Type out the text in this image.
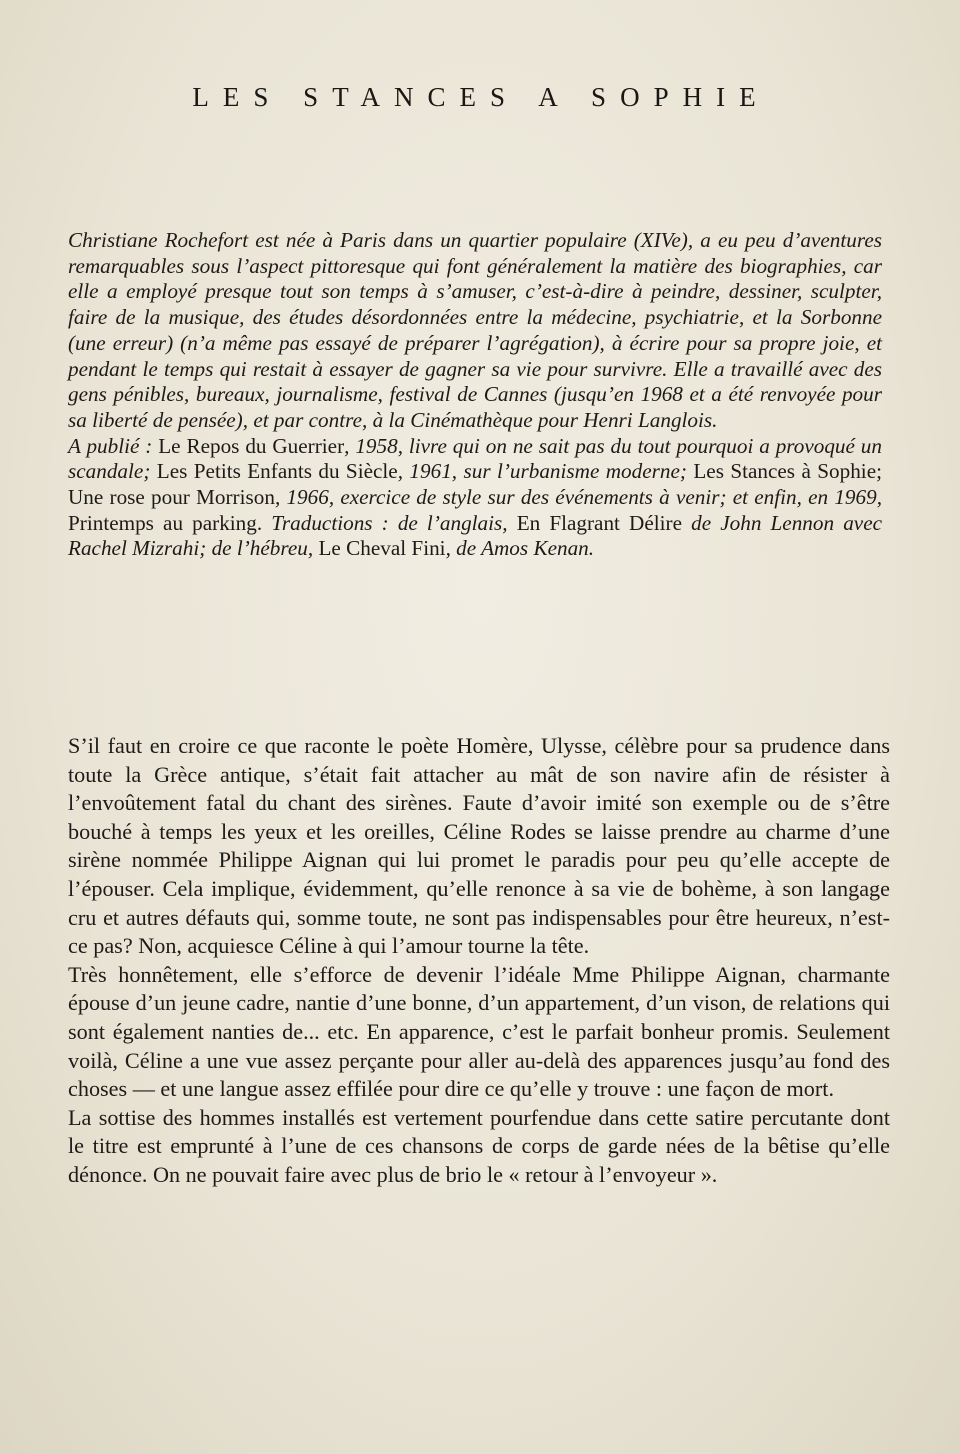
LES STANCES A SOPHIE

Christiane Rochefort est née à Paris dans un quartier populaire (XIVe), a eu peu d’aventures remarquables sous l’aspect pittoresque qui font généralement la matière des biographies, car elle a employé presque tout son temps à s’amuser, c’est-à-dire à peindre, dessiner, sculpter, faire de la musique, des études désordonnées entre la médecine, psychiatrie, et la Sorbonne (une erreur) (n’a même pas essayé de préparer l’agrégation), à écrire pour sa propre joie, et pendant le temps qui restait à essayer de gagner sa vie pour survivre. Elle a travaillé avec des gens pénibles, bureaux, journalisme, festival de Cannes (jusqu’en 1968 et a été renvoyée pour sa liberté de pensée), et par contre, à la Cinémathèque pour Henri Langlois.

A publié : Le Repos du Guerrier, 1958, livre qui on ne sait pas du tout pourquoi a provoqué un scandale; Les Petits Enfants du Siècle, 1961, sur l’urbanisme moderne; Les Stances à Sophie; Une rose pour Morrison, 1966, exercice de style sur des événements à venir; et enfin, en 1969, Printemps au parking. Traductions : de l’anglais, En Flagrant Délire de John Lennon avec Rachel Mizrahi; de l’hébreu, Le Cheval Fini, de Amos Kenan.

S’il faut en croire ce que raconte le poète Homère, Ulysse, célèbre pour sa prudence dans toute la Grèce antique, s’était fait attacher au mât de son navire afin de résister à l’envoûtement fatal du chant des sirènes. Faute d’avoir imité son exemple ou de s’être bouché à temps les yeux et les oreilles, Céline Rodes se laisse prendre au charme d’une sirène nommée Philippe Aignan qui lui promet le paradis pour peu qu’elle accepte de l’épouser. Cela implique, évidemment, qu’elle renonce à sa vie de bohème, à son langage cru et autres défauts qui, somme toute, ne sont pas indispensables pour être heureux, n’est-ce pas? Non, acquiesce Céline à qui l’amour tourne la tête.

Très honnêtement, elle s’efforce de devenir l’idéale Mme Philippe Aignan, charmante épouse d’un jeune cadre, nantie d’une bonne, d’un appartement, d’un vison, de relations qui sont également nanties de... etc. En apparence, c’est le parfait bonheur promis. Seulement voilà, Céline a une vue assez perçante pour aller au-delà des apparences jusqu’au fond des choses — et une langue assez effilée pour dire ce qu’elle y trouve : une façon de mort.

La sottise des hommes installés est vertement pourfendue dans cette satire percutante dont le titre est emprunté à l’une de ces chansons de corps de garde nées de la bêtise qu’elle dénonce. On ne pouvait faire avec plus de brio le « retour à l’envoyeur ».
